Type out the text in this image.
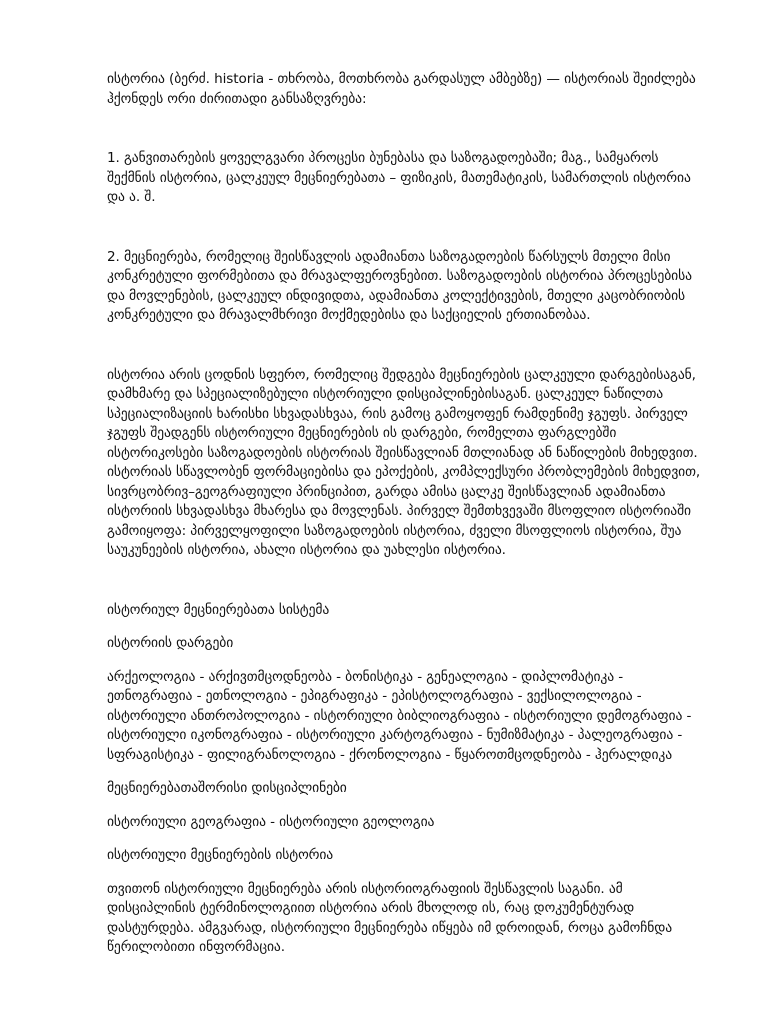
ისტორია (ბერძ. historia - თხრობა, მოთხრობა გარდასულ ამბებზე) — ისტორიას შეიძლება ჰქონდეს ორი ძირითადი განსაზღვრება:

1. განვითარების ყოველგვარი პროცესი ბუნებასა და საზოგადოებაში; მაგ., სამყაროს შექმნის ისტორია, ცალკეულ მეცნიერებათა – ფიზიკის, მათემატიკის, სამართლის ისტორია და ა. შ.

2. მეცნიერება, რომელიც შეისწავლის ადამიანთა საზოგადოების წარსულს მთელი მისი კონკრეტული ფორმებითა და მრავალფეროვნებით. საზოგადოების ისტორია პროცესებისა და მოვლენების, ცალკეულ ინდივიდთა, ადამიანთა კოლექტივების, მთელი კაცობრიობის კონკრეტული და მრავალმხრივი მოქმედებისა და საქციელის ერთიანობაა.

ისტორია არის ცოდნის სფერო, რომელიც შედგება მეცნიერების ცალკეული დარგებისაგან, დამხმარე და სპეციალიზებული ისტორიული დისციპლინებისაგან. ცალკეულ ნაწილთა სპეციალიზაციის ხარისხი სხვადასხვაა, რის გამოც გამოყოფენ რამდენიმე ჯგუფს. პირველ ჯგუფს შეადგენს ისტორიული მეცნიერების ის დარგები, რომელთა ფარგლებში ისტორიკოსები საზოგადოების ისტორიას შეისწავლიან მთლიანად ან ნაწილების მიხედვით. ისტორიას სწავლობენ ფორმაციებისა და ეპოქების, კომპლექსური პრობლემების მიხედვით, სივრცობრივ–გეოგრაფიული პრინციპით, გარდა ამისა ცალკე შეისწავლიან ადამიანთა ისტორიის სხვადასხვა მხარესა და მოვლენას. პირველ შემთხვევაში მსოფლიო ისტორიაში გამოიყოფა: პირველყოფილი საზოგადოების ისტორია, ძველი მსოფლიოს ისტორია, შუა საუკუნეების ისტორია, ახალი ისტორია და უახლესი ისტორია.

ისტორიულ მეცნიერებათა სისტემა

ისტორიის დარგები

არქეოლოგია - არქივთმცოდნეობა - ბონისტიკა - გენეალოგია - დიპლომატიკა - ეთნოგრაფია - ეთნოლოგია - ეპიგრაფიკა - ეპისტოლოგრაფია - ვექსილოლოგია - ისტორიული ანთროპოლოგია - ისტორიული ბიბლიოგრაფია - ისტორიული დემოგრაფია - ისტორიული იკონოგრაფია - ისტორიული კარტოგრაფია - ნუმიზმატიკა - პალეოგრაფია - სფრაგისტიკა - ფილიგრანოლოგია - ქრონოლოგია - წყაროთმცოდნეობა - ჰერალდიკა

მეცნიერებათაშორისი დისციპლინები

ისტორიული გეოგრაფია - ისტორიული გეოლოგია

ისტორიული მეცნიერების ისტორია

თვითონ ისტორიული მეცნიერება არის ისტორიოგრაფიის შესწავლის საგანი. ამ დისციპლინის ტერმინოლოგიით ისტორია არის მხოლოდ ის, რაც დოკუმენტურად დასტურდება. ამგვარად, ისტორიული მეცნიერება იწყება იმ დროიდან, როცა გამოჩნდა წერილობითი ინფორმაცია.
